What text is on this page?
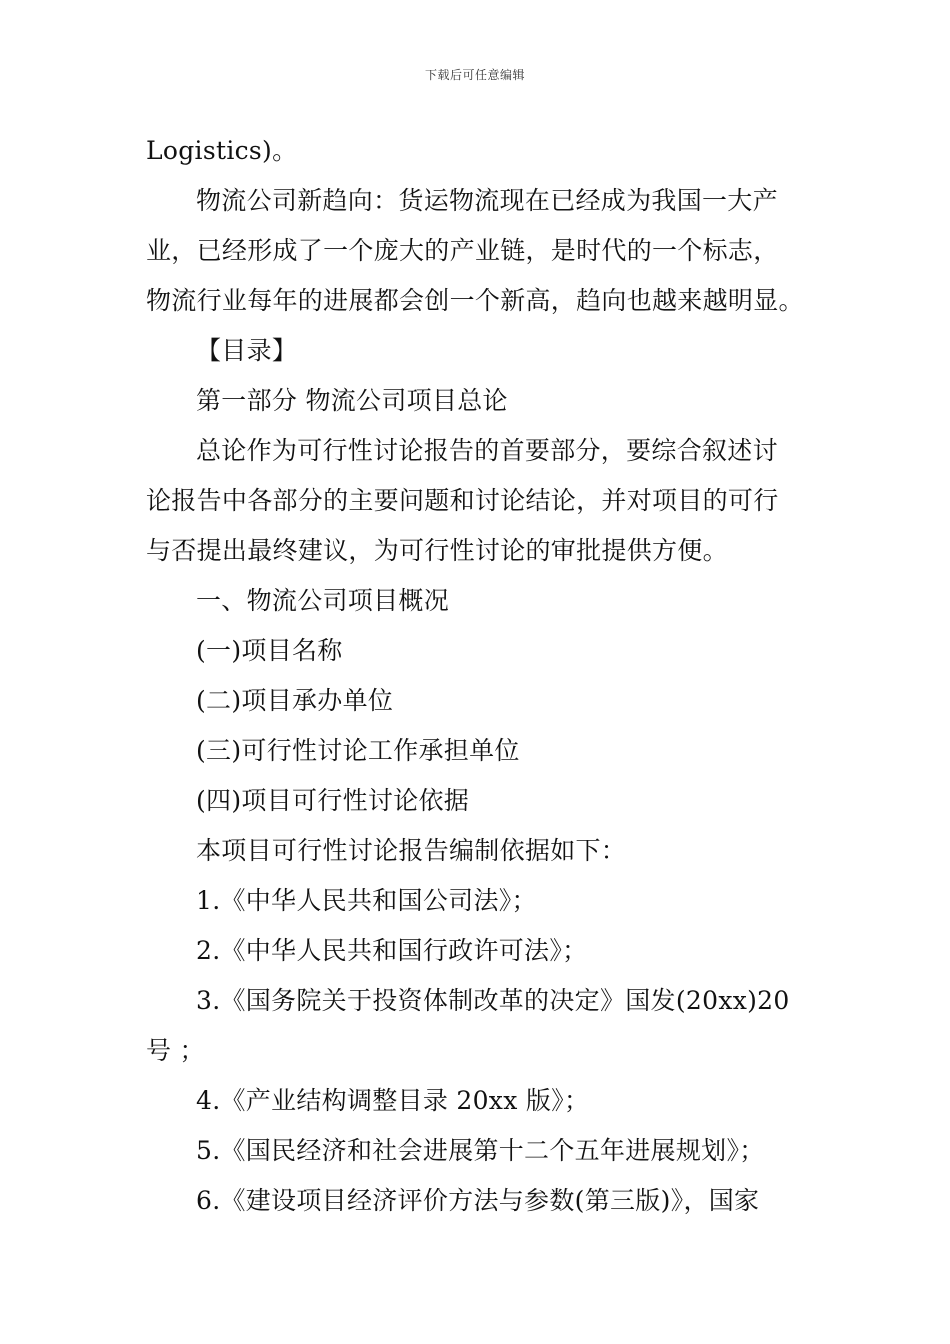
下载后可任意编辑
Logistics)。
物流公司新趋向：货运物流现在已经成为我国一大产
业，已经形成了一个庞大的产业链，是时代的一个标志，
物流行业每年的进展都会创一个新高，趋向也越来越明显。
【目录】
第一部分 物流公司项目总论
总论作为可行性讨论报告的首要部分，要综合叙述讨
论报告中各部分的主要问题和讨论结论，并对项目的可行
与否提出最终建议，为可行性讨论的审批提供方便。
一、物流公司项目概况
(一)项目名称
(二)项目承办单位
(三)可行性讨论工作承担单位
(四)项目可行性讨论依据
本项目可行性讨论报告编制依据如下：
1.《中华人民共和国公司法》；
2.《中华人民共和国行政许可法》；
3.《国务院关于投资体制改革的决定》国发(20xx)20
号 ；
4.《产业结构调整目录 20xx 版》；
5.《国民经济和社会进展第十二个五年进展规划》；
6.《建设项目经济评价方法与参数(第三版)》，国家
